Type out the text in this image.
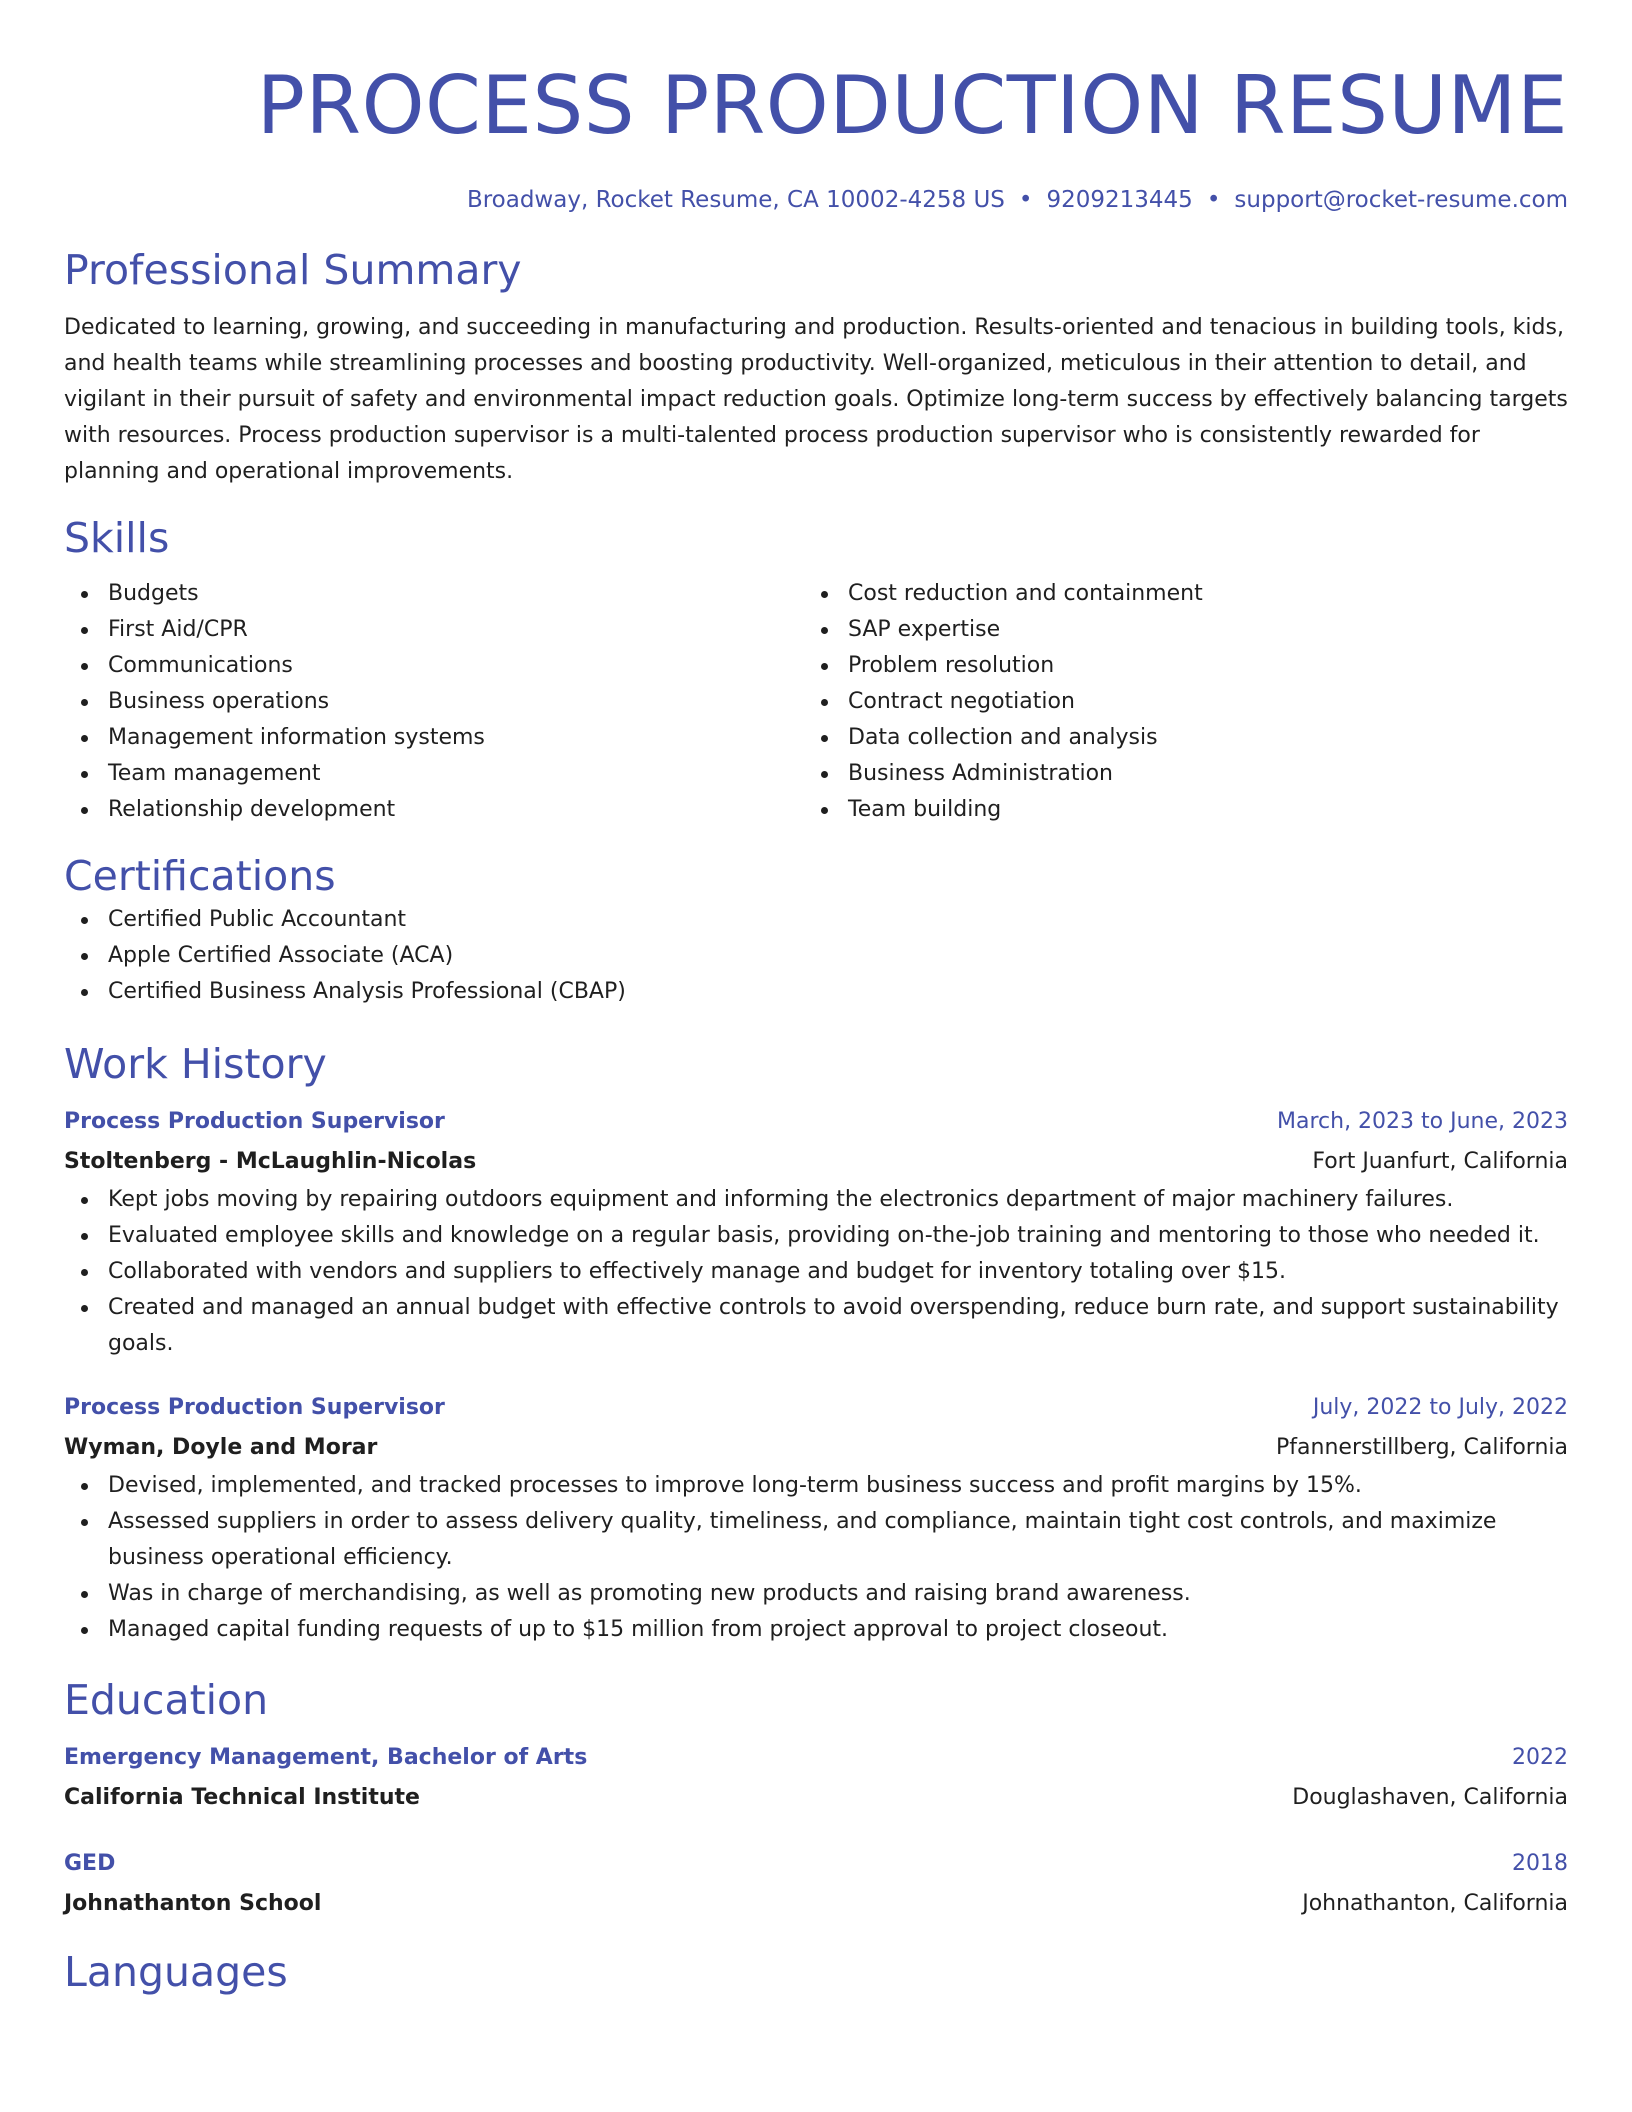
PROCESS PRODUCTION RESUME
Broadway, Rocket Resume, CA 10002-4258 US • 9209213445 • support@rocket-resume.com
Professional Summary

Dedicated to learning, growing, and succeeding in manufacturing and production. Results-oriented and tenacious in building tools, kids, and health teams while streamlining processes and boosting productivity. Well-organized, meticulous in their attention to detail, and vigilant in their pursuit of safety and environmental impact reduction goals. Optimize long-term success by effectively balancing targets with resources. Process production supervisor is a multi-talented process production supervisor who is consistently rewarded for planning and operational improvements.

Skills
Budgets
First Aid/CPR
Communications
Business operations
Management information systems
Team management
Relationship development
Cost reduction and containment
SAP expertise
Problem resolution
Contract negotiation
Data collection and analysis
Business Administration
Team building
Certifications
Certified Public Accountant
Apple Certified Associate (ACA)
Certified Business Analysis Professional (CBAP)
Work History
Process Production Supervisor	March, 2023 to June, 2023
Stoltenberg - McLaughlin-Nicolas	Fort Juanfurt, California
Kept jobs moving by repairing outdoors equipment and informing the electronics department of major machinery failures.
Evaluated employee skills and knowledge on a regular basis, providing on-the-job training and mentoring to those who needed it.
Collaborated with vendors and suppliers to effectively manage and budget for inventory totaling over $15.
Created and managed an annual budget with effective controls to avoid overspending, reduce burn rate, and support sustainability goals.
Process Production Supervisor	July, 2022 to July, 2022
Wyman, Doyle and Morar	Pfannerstillberg, California
Devised, implemented, and tracked processes to improve long-term business success and profit margins by 15%.
Assessed suppliers in order to assess delivery quality, timeliness, and compliance, maintain tight cost controls, and maximize business operational efficiency.
Was in charge of merchandising, as well as promoting new products and raising brand awareness.
Managed capital funding requests of up to $15 million from project approval to project closeout.
Education
Emergency Management, Bachelor of Arts	2022
California Technical Institute	Douglashaven, California
GED	2018
Johnathanton School	Johnathanton, California
Languages
